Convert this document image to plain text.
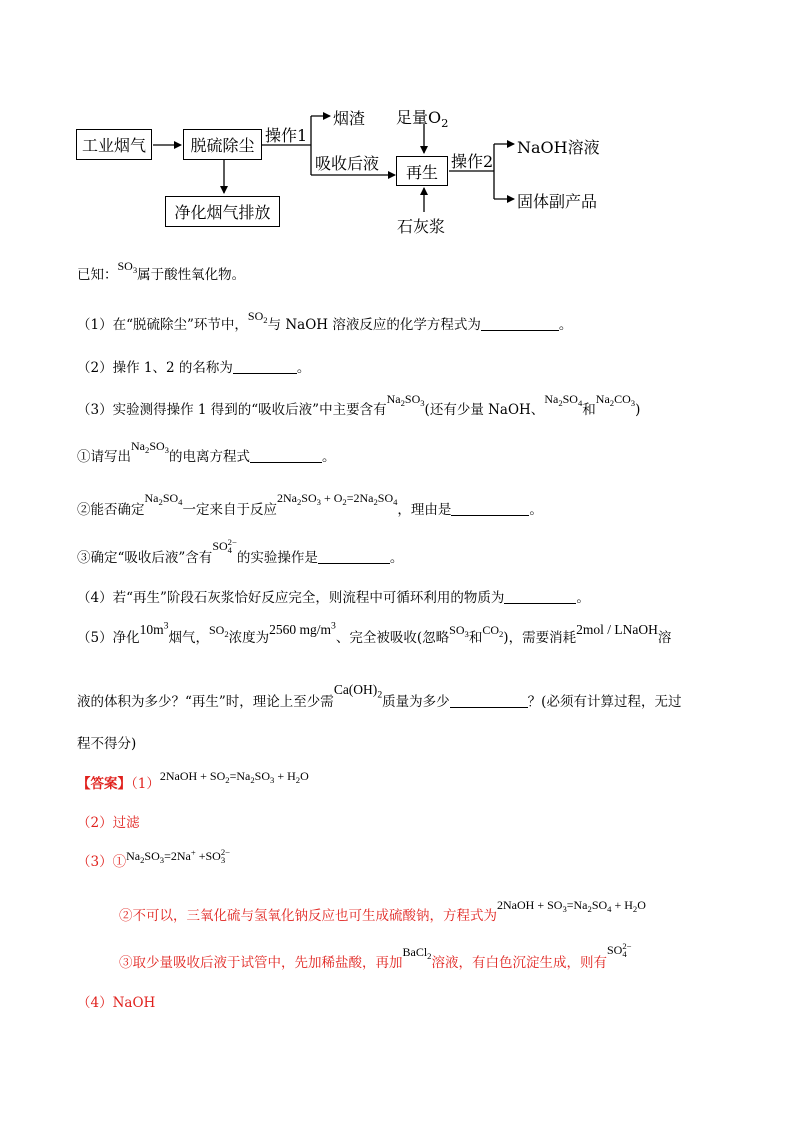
工业烟气	脱硫除尘
净化烟气排放
再生
操作1
烟渣
吸收后液
足量$O_2$
操作2
NaOH溶液
固体副产品
石灰浆
已知：$SO_3$属于酸性氧化物。
（1）在“脱硫除尘”环节中，$SO_2$与 NaOH 溶液反应的化学方程式为	。
（2）操作 1、2 的名称为	。
（3）实验测得操作 1 得到的“吸收后液”中主要含有$Na_2SO_3$(还有少量 NaOH、$Na_2SO_4$和$Na_2CO_3$)
①请写出$Na_2SO_3$的电离方程式	。
②能否确定$Na_2SO_4$一定来自于反应$2Na_2SO_3 + O_2=2Na_2SO_4$，理由是	。
③确定“吸收后液”含有SO2−
4 的实验操作是	。
（4）若“再生”阶段石灰浆恰好反应完全，则流程中可循环利用的物质为	。
（5）净化$10m^3$烟气，$SO_2$浓度为2560 $mg/m^3$、完全被吸收(忽略$SO_3$和$CO_2$)，需要消耗2mol / LNaOH溶
液的体积为多少？“再生”时，理论上至少需$Ca(OH)_2$质量为多少	？(必须有计算过程，无过
程不得分)
【答案】（1）2NaOH + $SO_2=Na_2SO_3 + H_2O$
（2）过滤
$(3)①Na_2SO_3=2Na^+ +SO2-$
3
②不可以，三氧化硫与氢氧化钠反应也可生成硫酸钠，方程式为2NaOH + $SO_3=Na_2SO_4 + H_2O$
③取少量吸收后液于试管中，先加稀盐酸，再加BaCl$_2$溶液，有白色沉淀生成，则有SO2−
4
（4）NaOH
